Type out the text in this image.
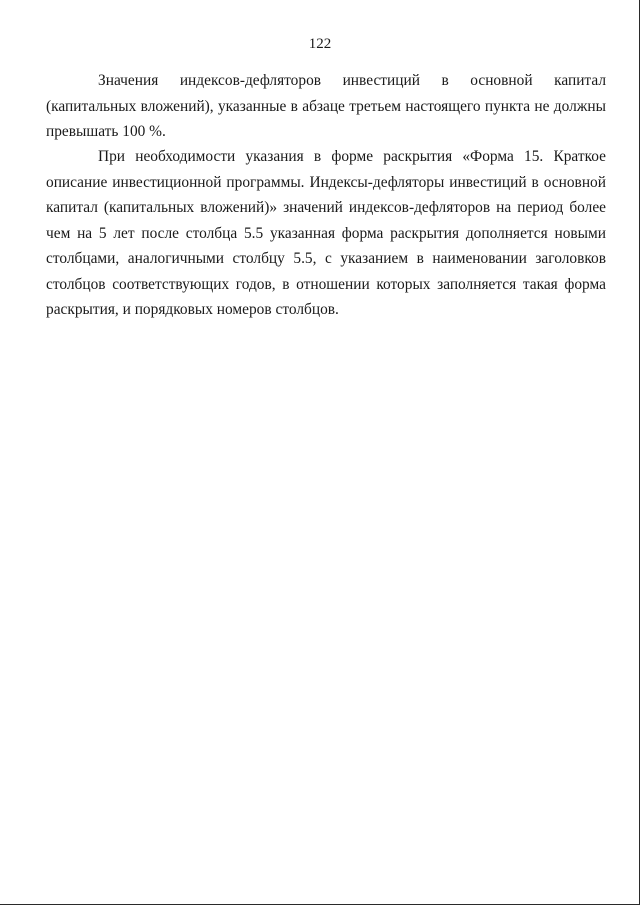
122

Значения индексов-дефляторов инвестиций в основной капитал (капитальных вложений), указанные в абзаце третьем настоящего пункта не должны превышать 100 %.

При необходимости указания в форме раскрытия «Форма 15. Краткое описание инвестиционной программы. Индексы-дефляторы инвестиций в основной капитал (капитальных вложений)» значений индексов-дефляторов на период более чем на 5 лет после столбца 5.5 указанная форма раскрытия дополняется новыми столбцами, аналогичными столбцу 5.5, с указанием в наименовании заголовков столбцов соответствующих годов, в отношении которых заполняется такая форма раскрытия, и порядковых номеров столбцов.
